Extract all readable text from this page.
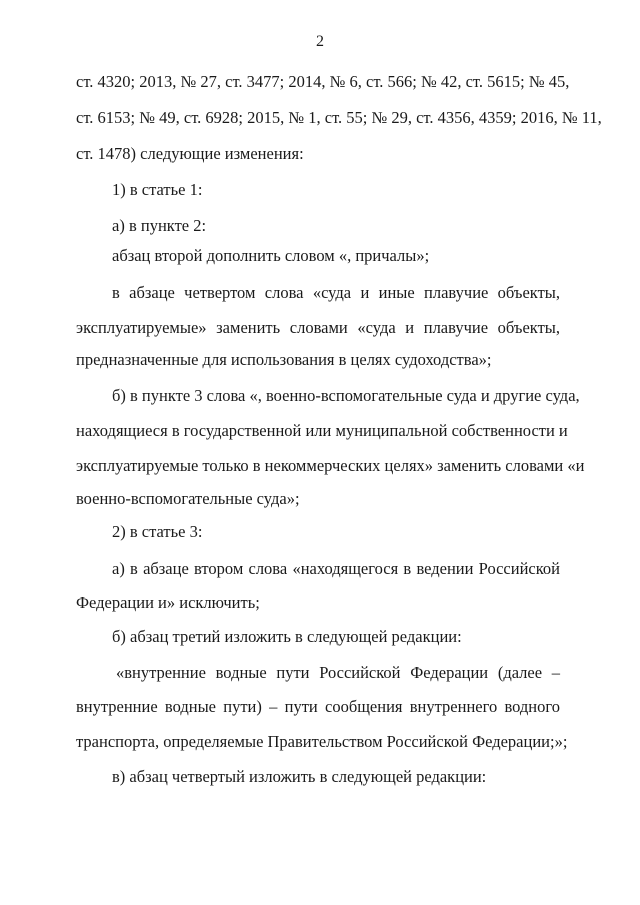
2
ст. 4320; 2013, № 27, ст. 3477; 2014, № 6, ст. 566; № 42, ст. 5615; № 45,
ст. 6153; № 49, ст. 6928; 2015, № 1, ст. 55; № 29, ст. 4356, 4359; 2016, № 11,
ст. 1478) следующие изменения:
1) в статье 1:
а) в пункте 2:
абзац второй дополнить словом «, причалы»;
в абзаце четвертом слова «суда и иные плавучие объекты,
эксплуатируемые» заменить словами «суда и плавучие объекты,
предназначенные для использования в целях судоходства»;
б) в пункте 3 слова «, военно-вспомогательные суда и другие суда,
находящиеся в государственной или муниципальной собственности и
эксплуатируемые только в некоммерческих целях» заменить словами «и
военно-вспомогательные суда»;
2) в статье 3:
а) в абзаце втором слова «находящегося в ведении Российской
Федерации и» исключить;
б) абзац третий изложить в следующей редакции:
«внутренние водные пути Российской Федерации (далее –
внутренние водные пути) – пути сообщения внутреннего водного
транспорта, определяемые Правительством Российской Федерации;»;
в) абзац четвертый изложить в следующей редакции:
